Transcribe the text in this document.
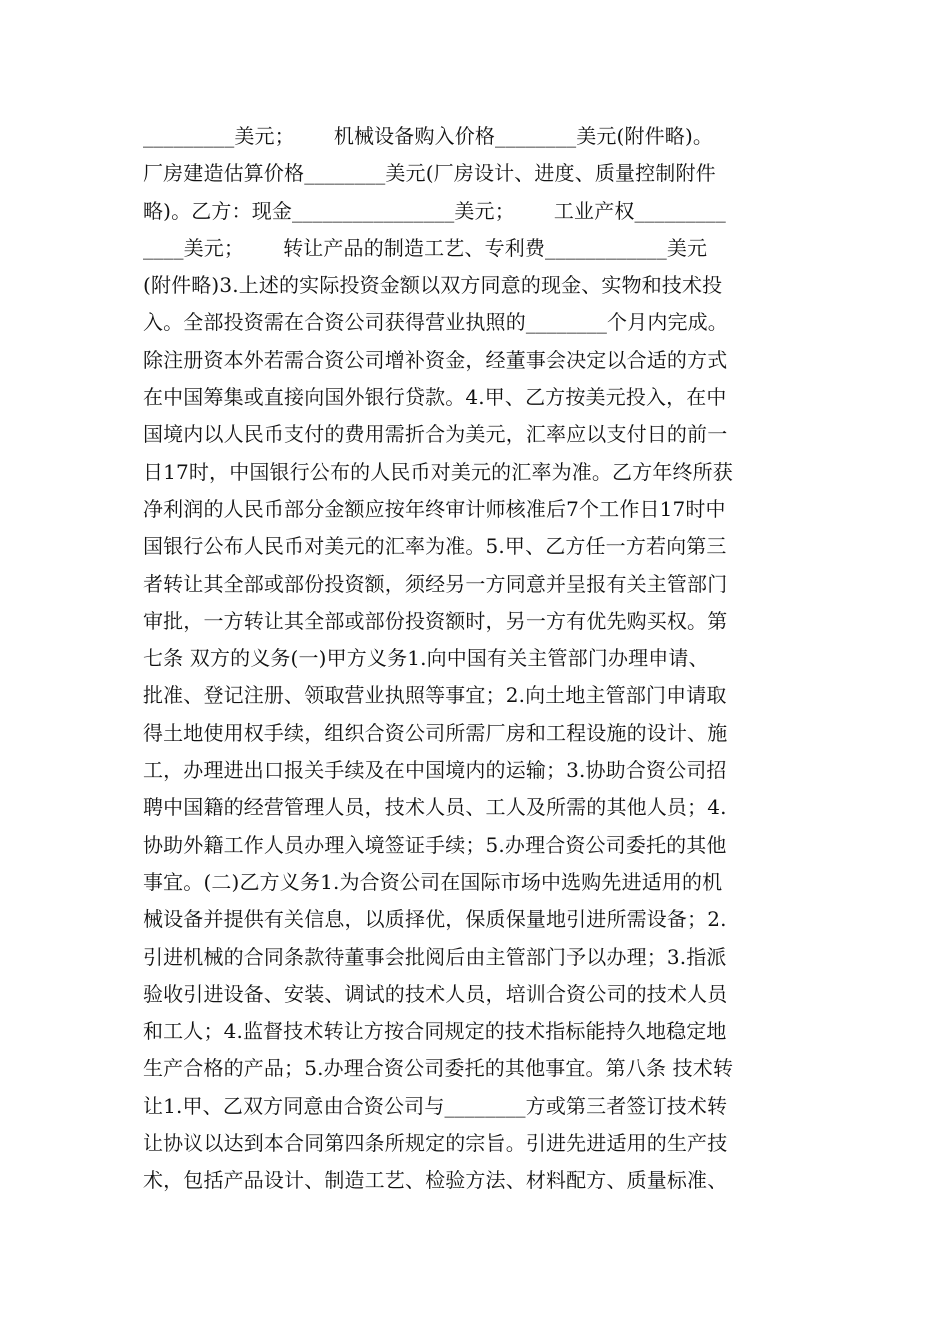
_________美元；      机械设备购入价格________美元(附件略)。
厂房建造估算价格________美元(厂房设计、进度、质量控制附件
略)。乙方：现金________________美元；      工业产权_________
____美元；      转让产品的制造工艺、专利费____________美元
(附件略)3.上述的实际投资金额以双方同意的现金、实物和技术投
入。全部投资需在合资公司获得营业执照的________个月内完成。
除注册资本外若需合资公司增补资金，经董事会决定以合适的方式
在中国筹集或直接向国外银行贷款。4.甲、乙方按美元投入，在中
国境内以人民币支付的费用需折合为美元，汇率应以支付日的前一
日17时，中国银行公布的人民币对美元的汇率为准。乙方年终所获
净利润的人民币部分金额应按年终审计师核准后7个工作日17时中
国银行公布人民币对美元的汇率为准。5.甲、乙方任一方若向第三
者转让其全部或部份投资额，须经另一方同意并呈报有关主管部门
审批，一方转让其全部或部份投资额时，另一方有优先购买权。第
七条 双方的义务(一)甲方义务1.向中国有关主管部门办理申请、
批准、登记注册、领取营业执照等事宜；2.向土地主管部门申请取
得土地使用权手续，组织合资公司所需厂房和工程设施的设计、施
工，办理进出口报关手续及在中国境内的运输；3.协助合资公司招
聘中国籍的经营管理人员，技术人员、工人及所需的其他人员；4.
协助外籍工作人员办理入境签证手续；5.办理合资公司委托的其他
事宜。(二)乙方义务1.为合资公司在国际市场中选购先进适用的机
械设备并提供有关信息，以质择优，保质保量地引进所需设备；2.
引进机械的合同条款待董事会批阅后由主管部门予以办理；3.指派
验收引进设备、安装、调试的技术人员，培训合资公司的技术人员
和工人；4.监督技术转让方按合同规定的技术指标能持久地稳定地
生产合格的产品；5.办理合资公司委托的其他事宜。第八条 技术转
让1.甲、乙双方同意由合资公司与________方或第三者签订技术转
让协议以达到本合同第四条所规定的宗旨。引进先进适用的生产技
术，包括产品设计、制造工艺、检验方法、材料配方、质量标准、
